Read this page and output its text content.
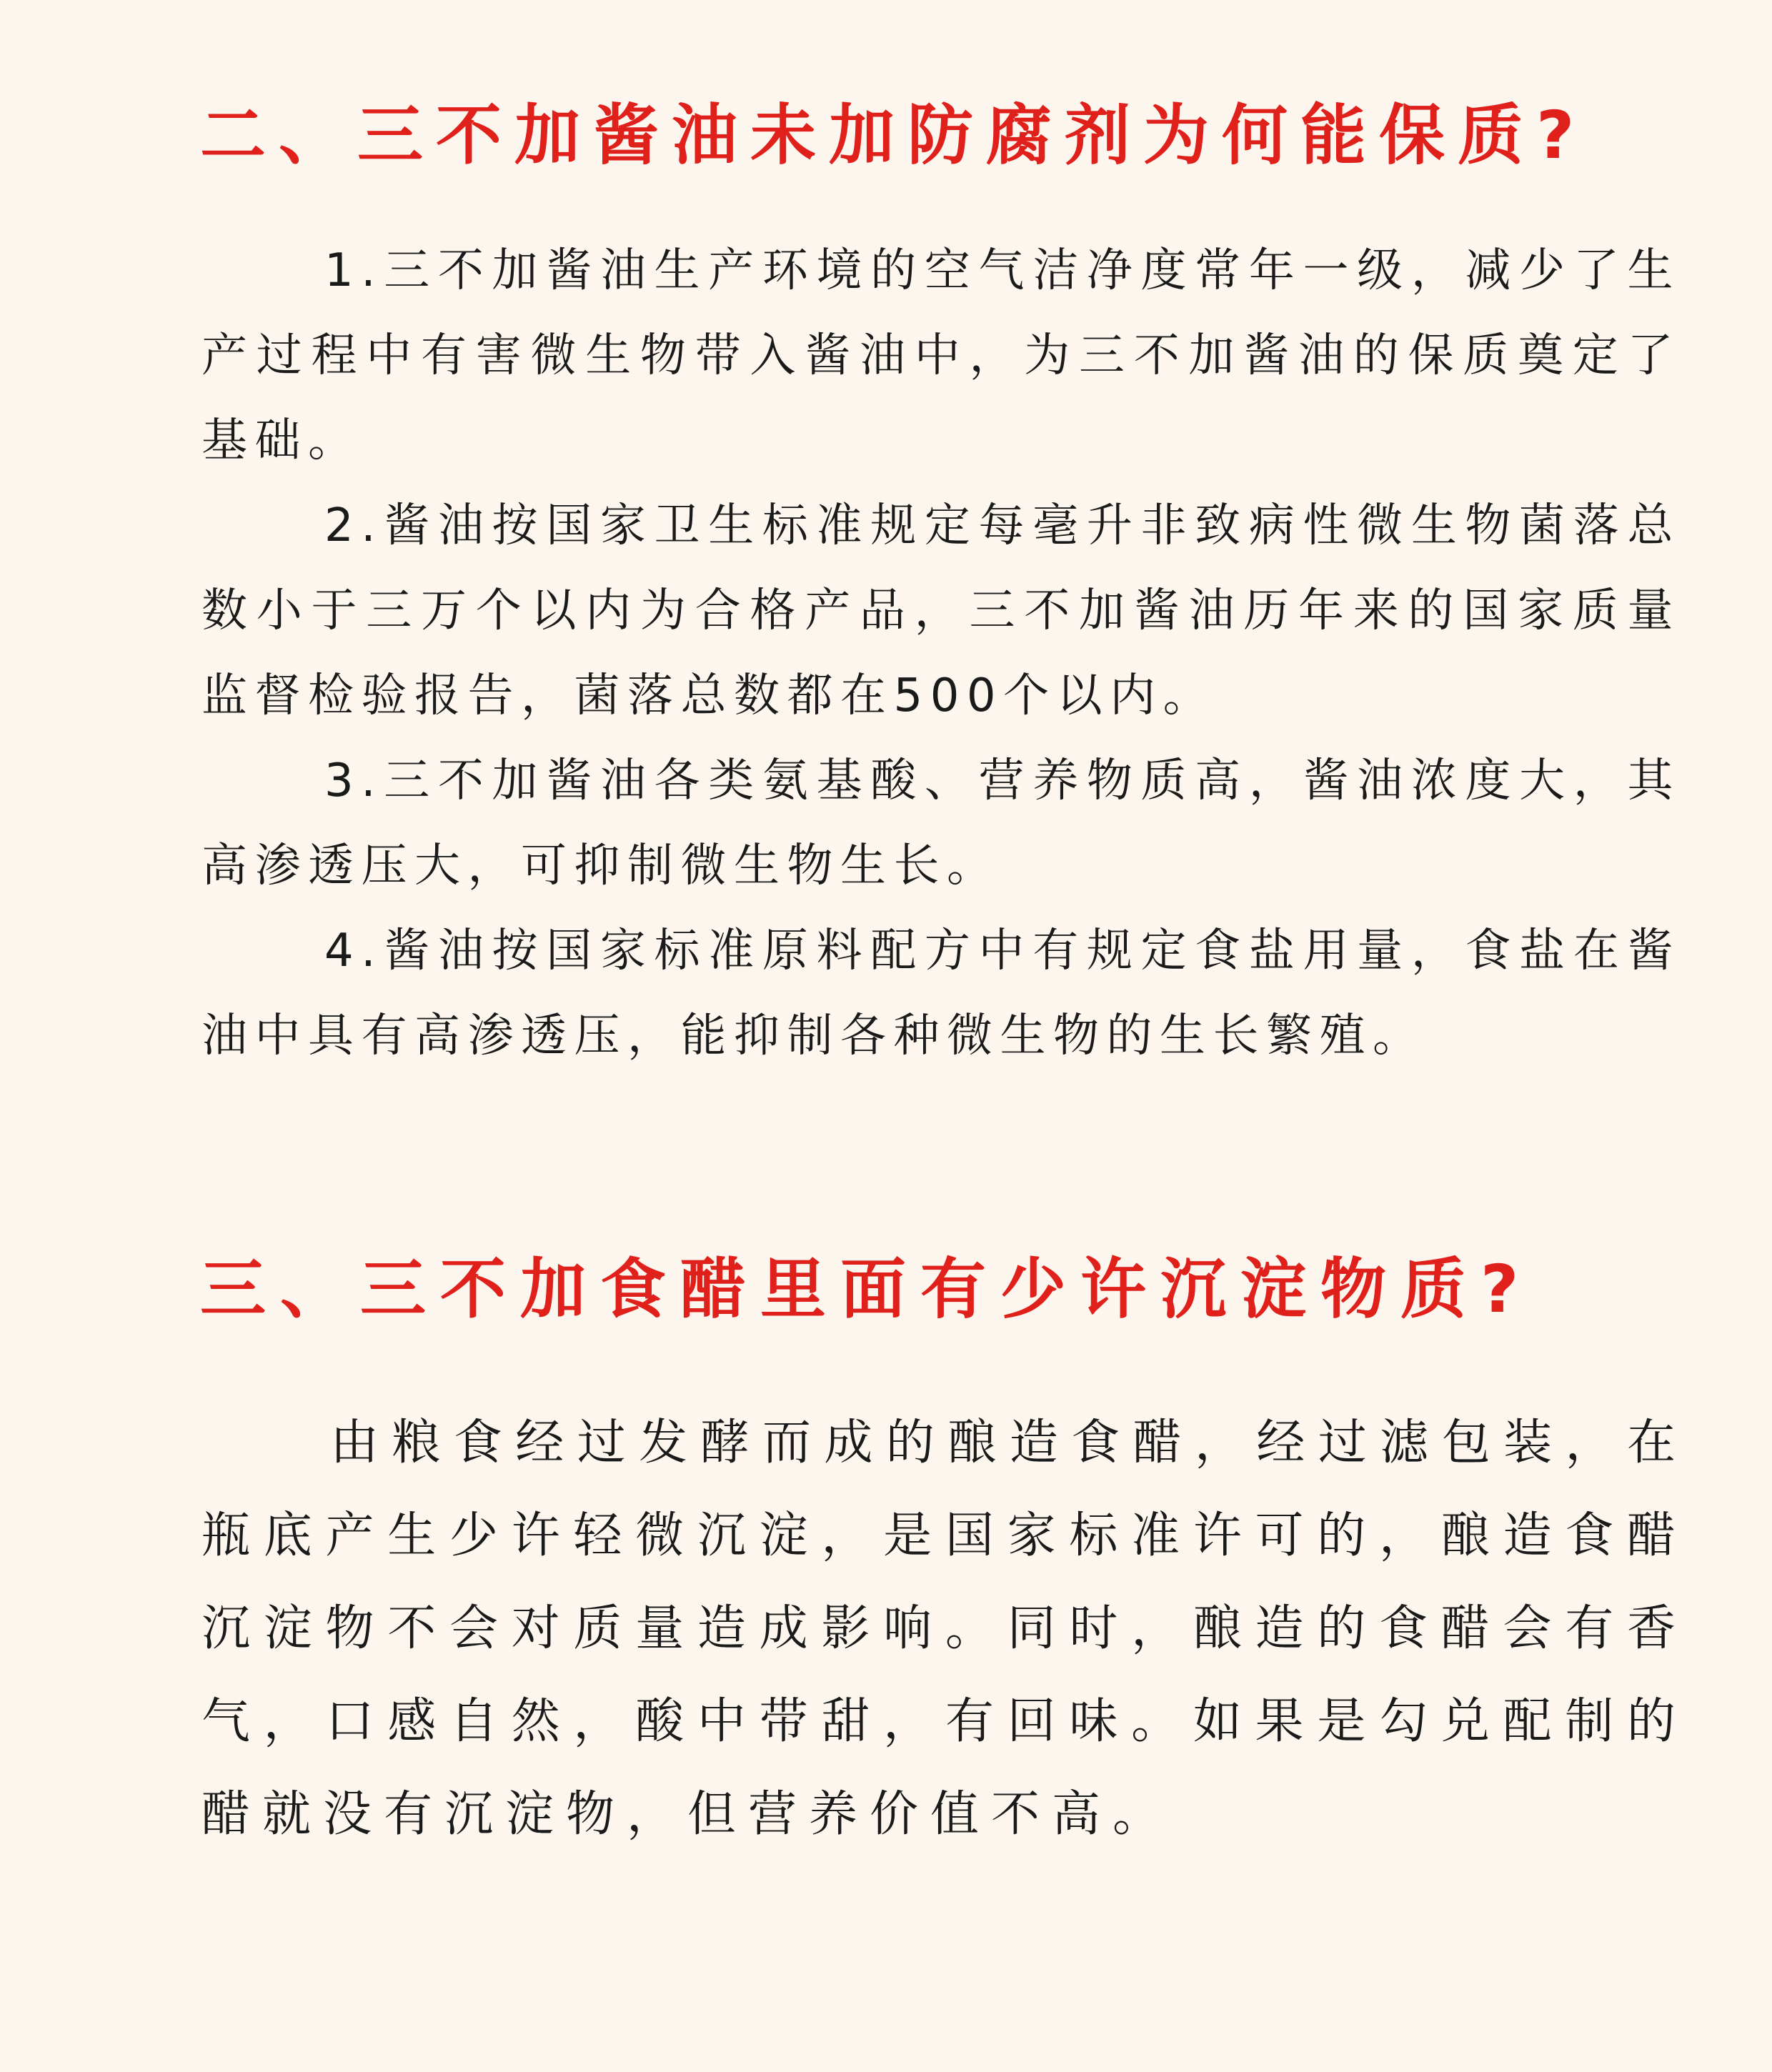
二、三不加酱油未加防腐剂为何能保质?

1.三不加酱油生产环境的空气洁净度常年一级，减少了生产过程中有害微生物带入酱油中，为三不加酱油的保质奠定了基础。

2.酱油按国家卫生标准规定每毫升非致病性微生物菌落总数小于三万个以内为合格产品，三不加酱油历年来的国家质量监督检验报告，菌落总数都在500个以内。

3.三不加酱油各类氨基酸、营养物质高，酱油浓度大，其高渗透压大，可抑制微生物生长。

4.酱油按国家标准原料配方中有规定食盐用量，食盐在酱油中具有高渗透压，能抑制各种微生物的生长繁殖。

三、三不加食醋里面有少许沉淀物质?

由粮食经过发酵而成的酿造食醋，经过滤包装，在瓶底产生少许轻微沉淀，是国家标准许可的，酿造食醋沉淀物不会对质量造成影响。同时，酿造的食醋会有香气，口感自然，酸中带甜，有回味。如果是勾兑配制的醋就没有沉淀物，但营养价值不高。
